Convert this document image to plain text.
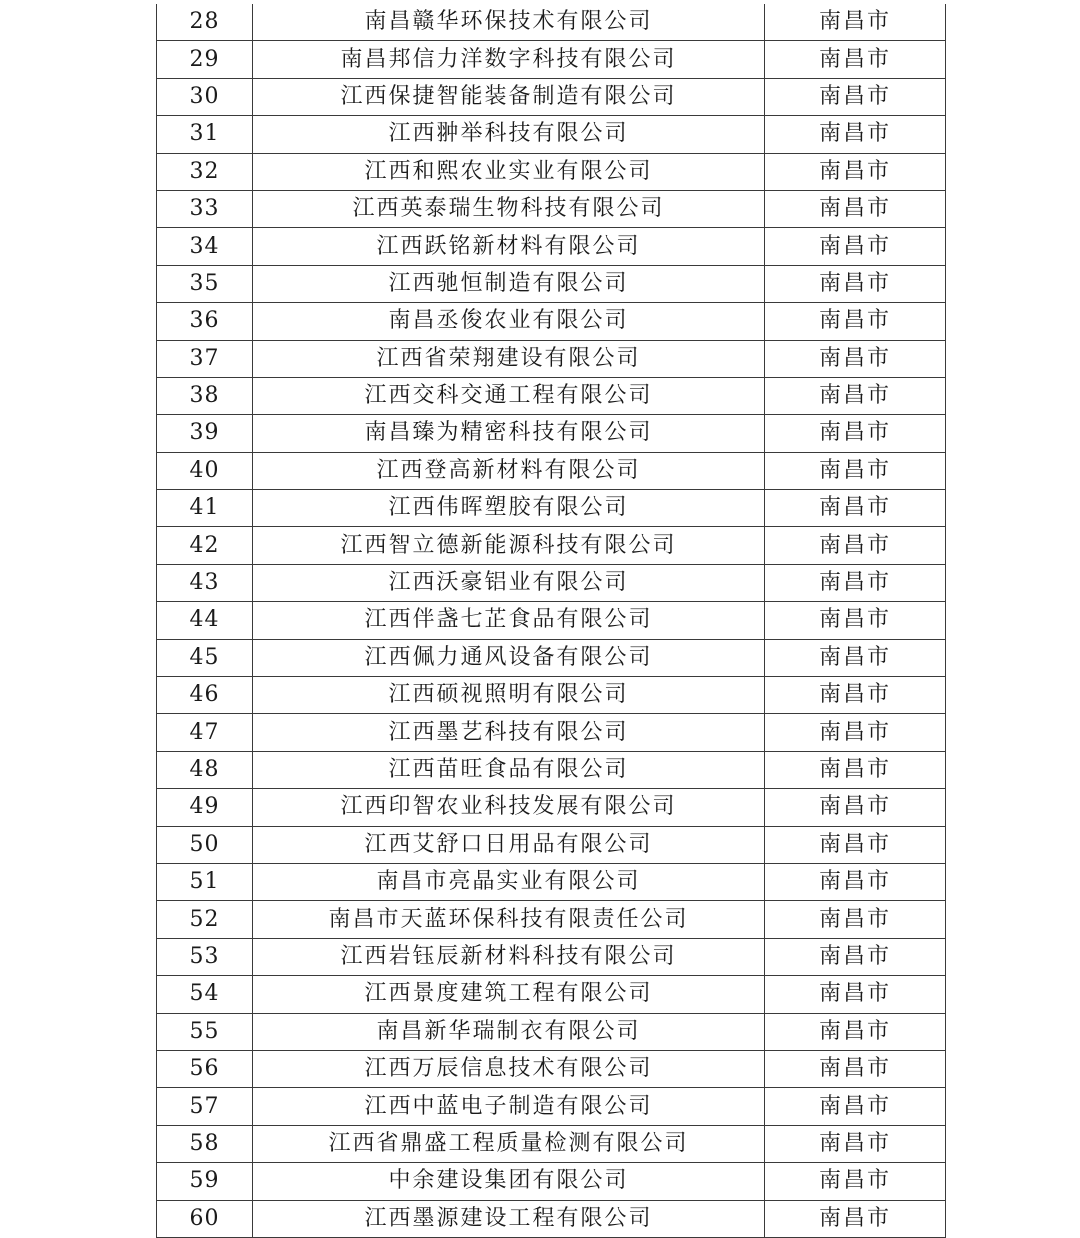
28	南昌赣华环保技术有限公司	南昌市
29	南昌邦信力洋数字科技有限公司	南昌市
30	江西保捷智能装备制造有限公司	南昌市
31	江西翀举科技有限公司	南昌市
32	江西和熙农业实业有限公司	南昌市
33	江西英泰瑞生物科技有限公司	南昌市
34	江西跃铭新材料有限公司	南昌市
35	江西驰恒制造有限公司	南昌市
36	南昌丞俊农业有限公司	南昌市
37	江西省荣翔建设有限公司	南昌市
38	江西交科交通工程有限公司	南昌市
39	南昌臻为精密科技有限公司	南昌市
40	江西登高新材料有限公司	南昌市
41	江西伟晖塑胶有限公司	南昌市
42	江西智立德新能源科技有限公司	南昌市
43	江西沃豪铝业有限公司	南昌市
44	江西伴盏七芷食品有限公司	南昌市
45	江西佩力通风设备有限公司	南昌市
46	江西硕视照明有限公司	南昌市
47	江西墨艺科技有限公司	南昌市
48	江西苗旺食品有限公司	南昌市
49	江西印智农业科技发展有限公司	南昌市
50	江西艾舒口日用品有限公司	南昌市
51	南昌市亮晶实业有限公司	南昌市
52	南昌市天蓝环保科技有限责任公司	南昌市
53	江西岩钰辰新材料科技有限公司	南昌市
54	江西景度建筑工程有限公司	南昌市
55	南昌新华瑞制衣有限公司	南昌市
56	江西万辰信息技术有限公司	南昌市
57	江西中蓝电子制造有限公司	南昌市
58	江西省鼎盛工程质量检测有限公司	南昌市
59	中余建设集团有限公司	南昌市
60	江西墨源建设工程有限公司	南昌市
